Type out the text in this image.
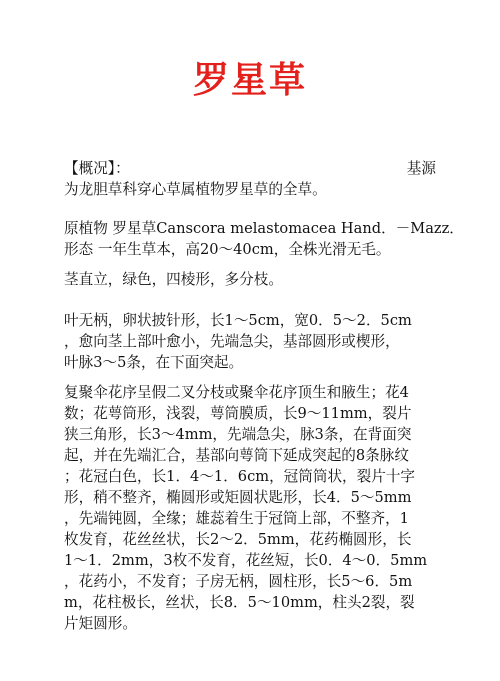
罗星草
【概况】：	基源
为龙胆草科穿心草属植物罗星草的全草。
原植物 罗星草Canscora melastomacea Hand．－Mazz．
形态 一年生草本，高20～40cm，全株光滑无毛。
茎直立，绿色，四棱形，多分枝。
叶无柄，卵状披针形，长1～5cm，宽0．5～2．5cm
，愈向茎上部叶愈小，先端急尖，基部圆形或楔形，
叶脉3～5条，在下面突起。
复聚伞花序呈假二叉分枝或聚伞花序顶生和腋生；花4
数；花萼筒形，浅裂，萼筒膜质，长9～11mm，裂片
狭三角形，长3～4mm，先端急尖，脉3条，在背面突
起，并在先端汇合，基部向萼筒下延成突起的8条脉纹
；花冠白色，长1．4～1．6cm，冠筒筒状，裂片十字
形，稍不整齐，椭圆形或矩圆状匙形，长4．5～5mm
，先端钝圆，全缘；雄蕊着生于冠筒上部，不整齐，1
枚发育，花丝丝状，长2～2．5mm，花药椭圆形，长
1～1．2mm，3枚不发育，花丝短，长0．4～0．5mm
，花药小，不发育；子房无柄，圆柱形，长5～6．5m
m，花柱极长，丝状，长8．5～10mm，柱头2裂，裂
片矩圆形。
